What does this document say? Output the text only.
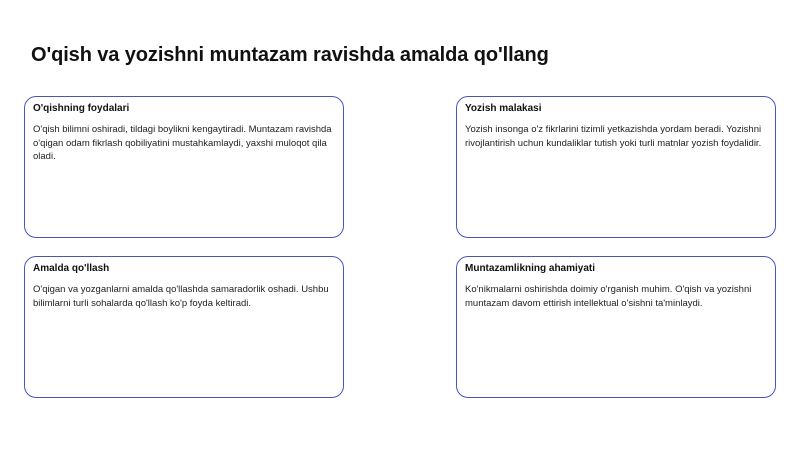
O'qish va yozishni muntazam ravishda amalda qo'llang

O'qishning foydalari

O'qish bilimni oshiradi, tildagi boylikni kengaytiradi. Muntazam ravishda o'qigan odam fikrlash qobiliyatini mustahkamlaydi, yaxshi muloqot qila oladi.

Yozish malakasi

Yozish insonga o'z fikrlarini tizimli yetkazishda yordam beradi. Yozishni rivojlantirish uchun kundaliklar tutish yoki turli matnlar yozish foydalidir.

Amalda qo'llash

O'qigan va yozganlarni amalda qo'llashda samaradorlik oshadi. Ushbu bilimlarni turli sohalarda qo'llash ko'p foyda keltiradi.

Muntazamlikning ahamiyati

Ko'nikmalarni oshirishda doimiy o'rganish muhim. O'qish va yozishni muntazam davom ettirish intellektual o'sishni ta'minlaydi.
